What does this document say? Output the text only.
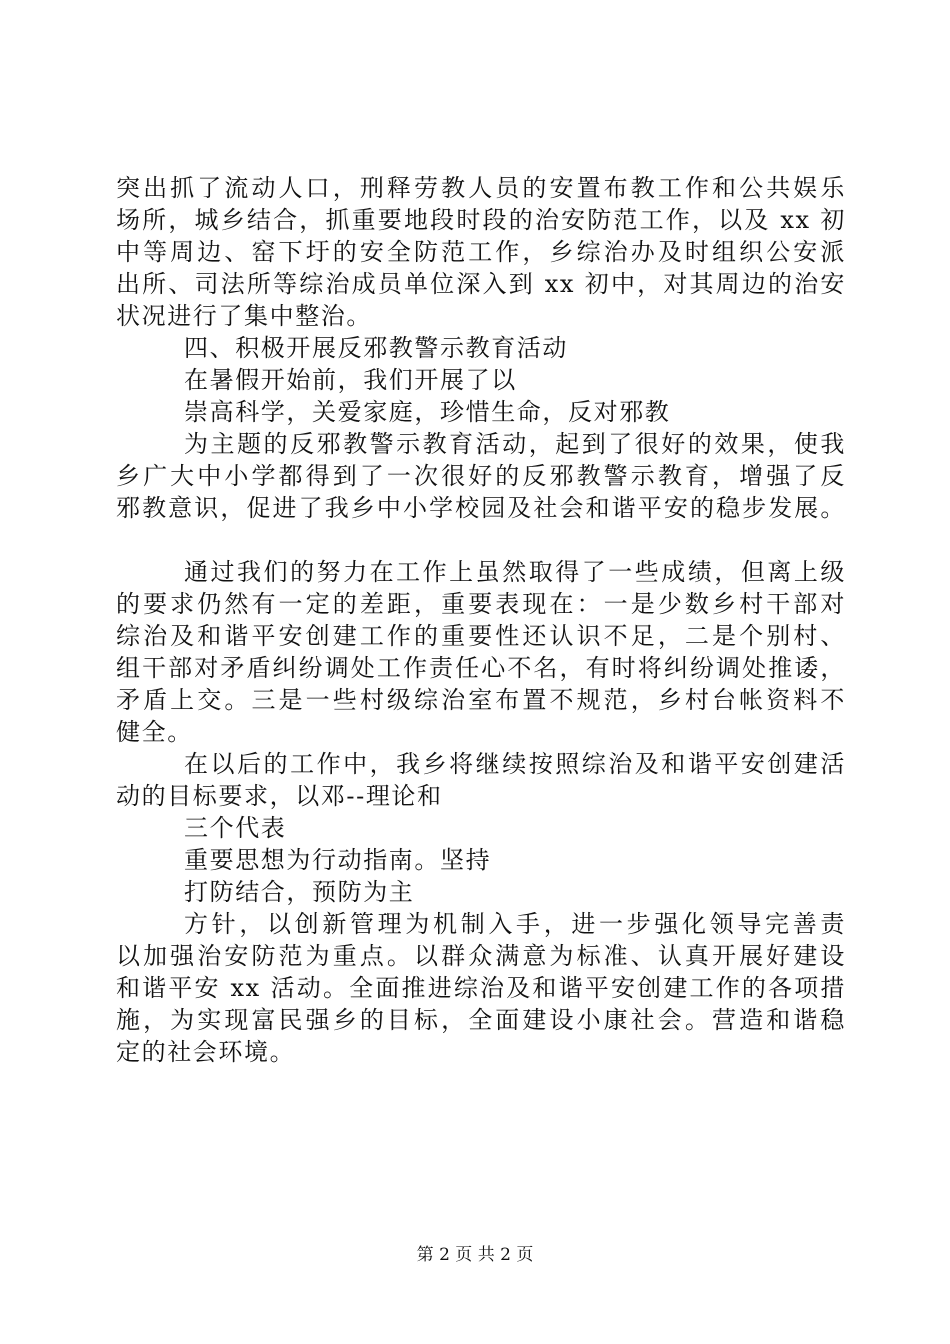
突出抓了流动人口，刑释劳教人员的安置布教工作和公共娱乐
场所，城乡结合，抓重要地段时段的治安防范工作，以及 xx 初
中等周边、窑下圩的安全防范工作，乡综治办及时组织公安派
出所、司法所等综治成员单位深入到 xx 初中，对其周边的治安
状况进行了集中整治。
四、积极开展反邪教警示教育活动
在暑假开始前，我们开展了以
崇高科学，关爱家庭，珍惜生命，反对邪教
为主题的反邪教警示教育活动，起到了很好的效果，使我
乡广大中小学都得到了一次很好的反邪教警示教育，增强了反
邪教意识，促进了我乡中小学校园及社会和谐平安的稳步发展。
通过我们的努力在工作上虽然取得了一些成绩，但离上级
的要求仍然有一定的差距，重要表现在：一是少数乡村干部对
综治及和谐平安创建工作的重要性还认识不足，二是个别村、
组干部对矛盾纠纷调处工作责任心不名，有时将纠纷调处推诿，
矛盾上交。三是一些村级综治室布置不规范，乡村台帐资料不
健全。
在以后的工作中，我乡将继续按照综治及和谐平安创建活
动的目标要求，以邓--理论和
三个代表
重要思想为行动指南。坚持
打防结合，预防为主
方针，以创新管理为机制入手，进一步强化领导完善责
以加强治安防范为重点。以群众满意为标准、认真开展好建设
和谐平安 xx 活动。全面推进综治及和谐平安创建工作的各项措
施，为实现富民强乡的目标，全面建设小康社会。营造和谐稳
定的社会环境。
第 2 页 共 2 页
